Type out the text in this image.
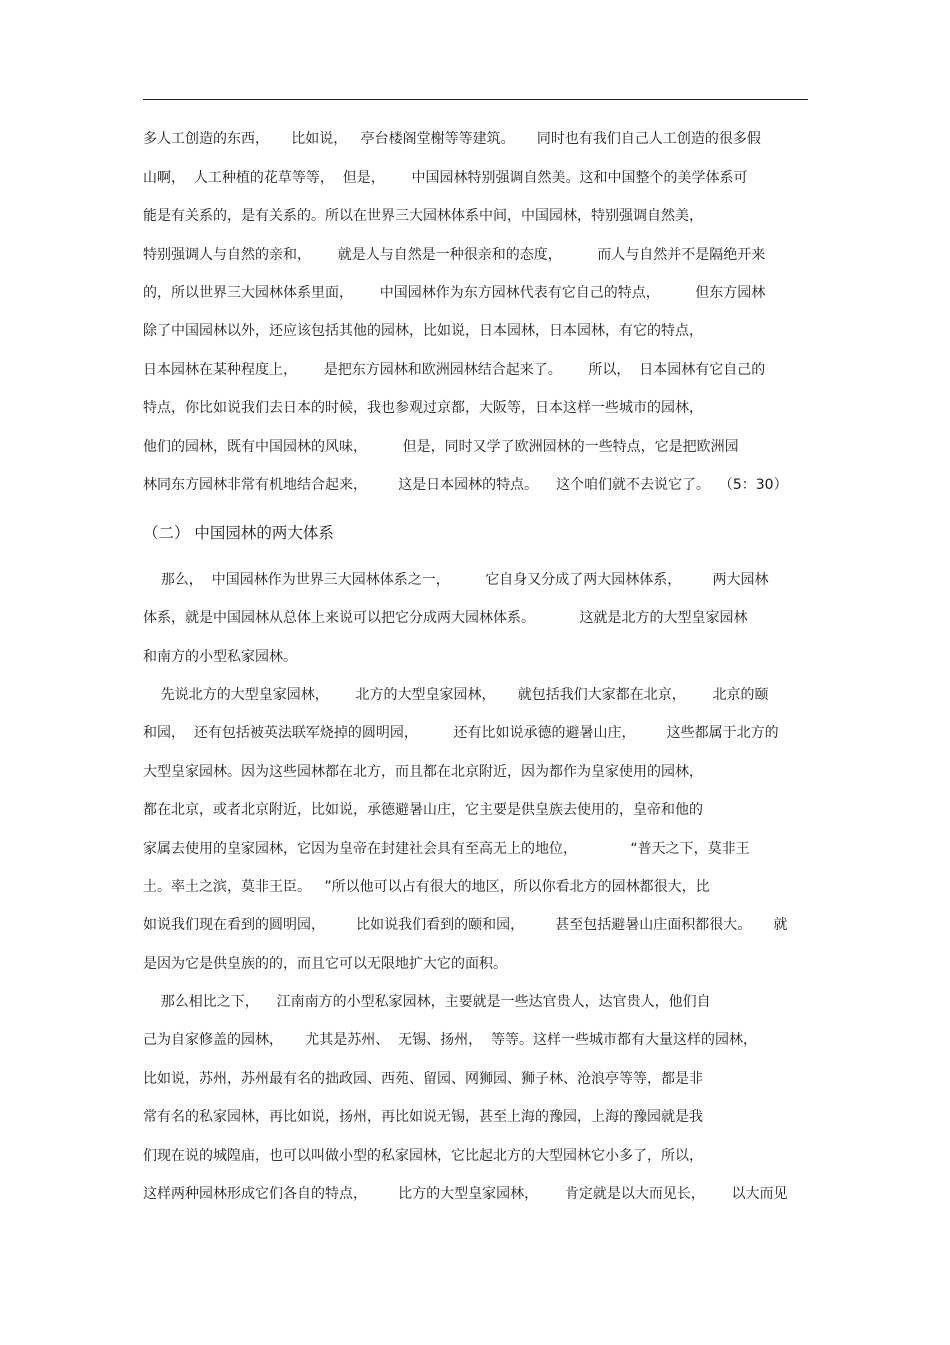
多人工创造的东西，     比如说，   亭台楼阁堂榭等等建筑。     同时也有我们自己人工创造的很多假
山啊，  人工种植的花草等等，  但是，      中国园林特别强调自然美。这和中国整个的美学体系可
能是有关系的，是有关系的。所以在世界三大园林体系中间，中国园林，特别强调自然美，
特别强调人与自然的亲和，      就是人与自然是一种很亲和的态度，        而人与自然并不是隔绝开来
的，所以世界三大园林体系里面，      中国园林作为东方园林代表有它自己的特点，        但东方园林
除了中国园林以外，还应该包括其他的园林，比如说，日本园林，日本园林，有它的特点，
日本园林在某种程度上，      是把东方园林和欧洲园林结合起来了。      所以，  日本园林有它自己的
特点，你比如说我们去日本的时候，我也参观过京都，大阪等，日本这样一些城市的园林，
他们的园林，既有中国园林的风味，        但是，同时又学了欧洲园林的一些特点，它是把欧洲园
林同东方园林非常有机地结合起来，       这是日本园林的特点。    这个咱们就不去说它了。  （5：30）
（二） 中国园林的两大体系
那么，  中国园林作为世界三大园林体系之一，        它自身又分成了两大园林体系，       两大园林
体系，就是中国园林从总体上来说可以把它分成两大园林体系。          这就是北方的大型皇家园林
和南方的小型私家园林。
先说北方的大型皇家园林，      北方的大型皇家园林，     就包括我们大家都在北京，      北京的颐
和园，  还有包括被英法联军烧掉的圆明园，        还有比如说承德的避暑山庄，       这些都属于北方的
大型皇家园林。因为这些园林都在北方，而且都在北京附近，因为都作为皇家使用的园林，
都在北京，或者北京附近，比如说，承德避暑山庄，它主要是供皇族去使用的，皇帝和他的
家属去使用的皇家园林，它因为皇帝在封建社会具有至高无上的地位，            “普天之下，莫非王
土。率土之滨，莫非王臣。   ”所以他可以占有很大的地区，所以你看北方的园林都很大，比
如说我们现在看到的圆明园，       比如说我们看到的颐和园，       甚至包括避暑山庄面积都很大。     就
是因为它是供皇族的的，而且它可以无限地扩大它的面积。
那么相比之下，    江南南方的小型私家园林，主要就是一些达官贵人，达官贵人，他们自
己为自家修盖的园林，     尤其是苏州、  无锡、扬州，  等等。这样一些城市都有大量这样的园林，
比如说，苏州，苏州最有名的拙政园、西苑、留园、网狮园、狮子林、沧浪亭等等，都是非
常有名的私家园林，再比如说，扬州，再比如说无锡，甚至上海的豫园，上海的豫园就是我
们现在说的城隍庙，也可以叫做小型的私家园林，它比起北方的大型园林它小多了，所以，
这样两种园林形成它们各自的特点，       比方的大型皇家园林，      肯定就是以大而见长，      以大而见
